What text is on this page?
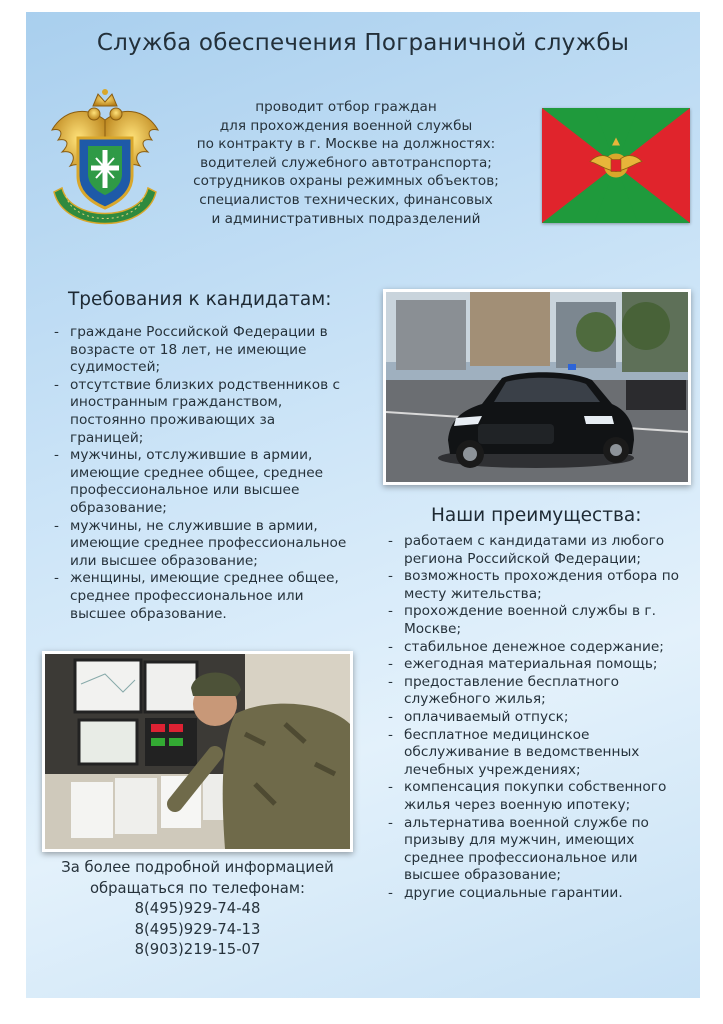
Служба обеспечения Пограничной службы
проводит отбор граждан
для прохождения военной службы
по контракту в г. Москве на должностях:
водителей служебного автотранспорта;
сотрудников охраны режимных объектов;
специалистов технических, финансовых
и административных подразделений
Требования к кандидатам:
- граждане Российской Федерации в возрасте от 18 лет, не имеющие судимостей;
- отсутствие близких родственников с иностранным гражданством, постоянно проживающих за границей;
- мужчины, отслужившие в армии, имеющие среднее общее, среднее профессиональное или высшее образование;
- мужчины, не служившие в армии, имеющие среднее профессиональное или высшее образование;
- женщины, имеющие среднее общее, среднее профессиональное или высшее образование.
Наши преимущества:
- работаем с кандидатами из любого региона Российской Федерации;
- возможность прохождения отбора по месту жительства;
- прохождение военной службы в г. Москве;
- стабильное денежное содержание;
- ежегодная материальная помощь;
- предоставление бесплатного служебного жилья;
- оплачиваемый отпуск;
- бесплатное медицинское обслуживание в ведомственных лечебных учреждениях;
- компенсация покупки собственного жилья через военную ипотеку;
- альтернатива военной службе по призыву для мужчин, имеющих среднее профессиональное или высшее образование;
- другие социальные гарантии.
За более подробной информацией
обращаться по телефонам:
8(495)929-74-48
8(495)929-74-13
8(903)219-15-07
